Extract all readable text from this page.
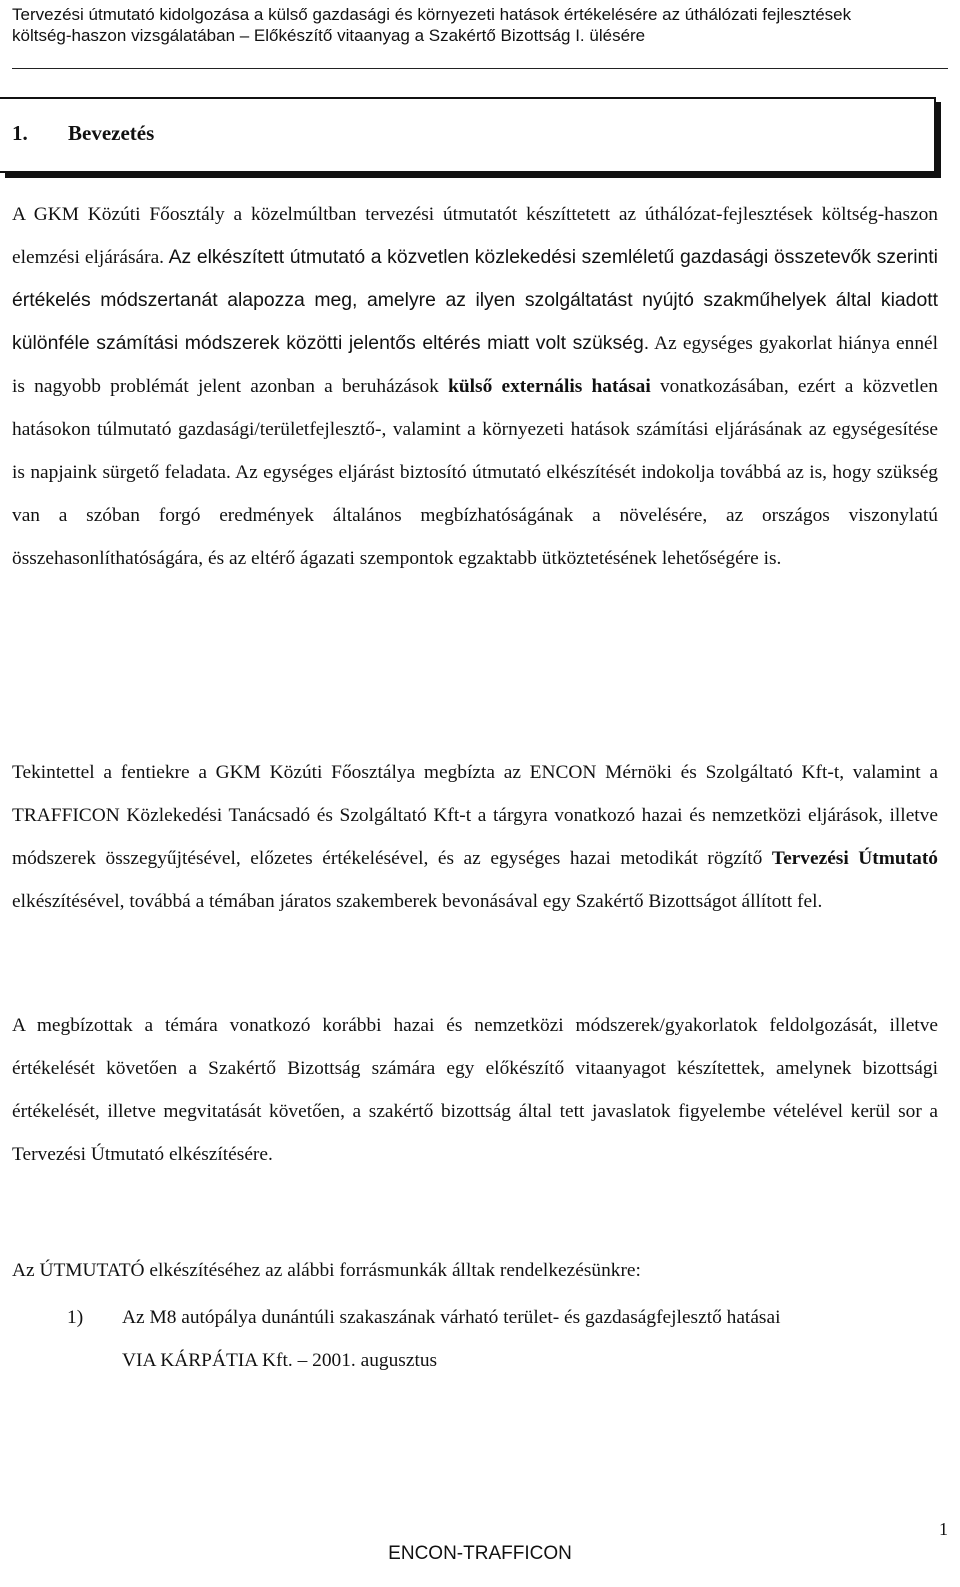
Tervezési útmutató kidolgozása a külső gazdasági és környezeti hatások értékelésére az úthálózati fejlesztések
költség-haszon vizsgálatában – Előkészítő vitaanyag a Szakértő Bizottság I. ülésére
1. Bevezetés

A GKM Közúti Főosztály a közelmúltban tervezési útmutatót készíttetett az úthálózat-fejlesztések költség-haszon elemzési eljárására. Az elkészített útmutató a közvetlen közlekedési szemléletű gazdasági összetevők szerinti értékelés módszertanát alapozza meg, amelyre az ilyen szolgáltatást nyújtó szakműhelyek által kiadott különféle számítási módszerek közötti jelentős eltérés miatt volt szükség. Az egységes gyakorlat hiánya ennél is nagyobb problémát jelent azonban a beruházások külső externális hatásai vonatkozásában, ezért a közvetlen hatásokon túlmutató gazdasági/területfejlesztő-, valamint a környezeti hatások számítási eljárásának az egységesítése is napjaink sürgető feladata. Az egységes eljárást biztosító útmutató elkészítését indokolja továbbá az is, hogy szükség van a szóban forgó eredmények általános megbízhatóságának a növelésére, az országos viszonylatú összehasonlíthatóságára, és az eltérő ágazati szempontok egzaktabb ütköztetésének lehetőségére is.

Tekintettel a fentiekre a GKM Közúti Főosztálya megbízta az ENCON Mérnöki és Szolgáltató Kft-t, valamint a TRAFFICON Közlekedési Tanácsadó és Szolgáltató Kft-t a tárgyra vonatkozó hazai és nemzetközi eljárások, illetve módszerek összegyűjtésével, előzetes értékelésével, és az egységes hazai metodikát rögzítő Tervezési Útmutató elkészítésével, továbbá a témában járatos szakemberek bevonásával egy Szakértő Bizottságot állított fel.

A megbízottak a témára vonatkozó korábbi hazai és nemzetközi módszerek/gyakorlatok feldolgozását, illetve értékelését követően a Szakértő Bizottság számára egy előkészítő vitaanyagot készítettek, amelynek bizottsági értékelését, illetve megvitatását követően, a szakértő bizottság által tett javaslatok figyelembe vételével kerül sor a Tervezési Útmutató elkészítésére.

Az ÚTMUTATÓ elkészítéséhez az alábbi forrásmunkák álltak rendelkezésünkre:

1) Az M8 autópálya dunántúli szakaszának várható terület- és gazdaságfejlesztő hatásai
VIA KÁRPÁTIA Kft. – 2001. augusztus
1
ENCON-TRAFFICON
